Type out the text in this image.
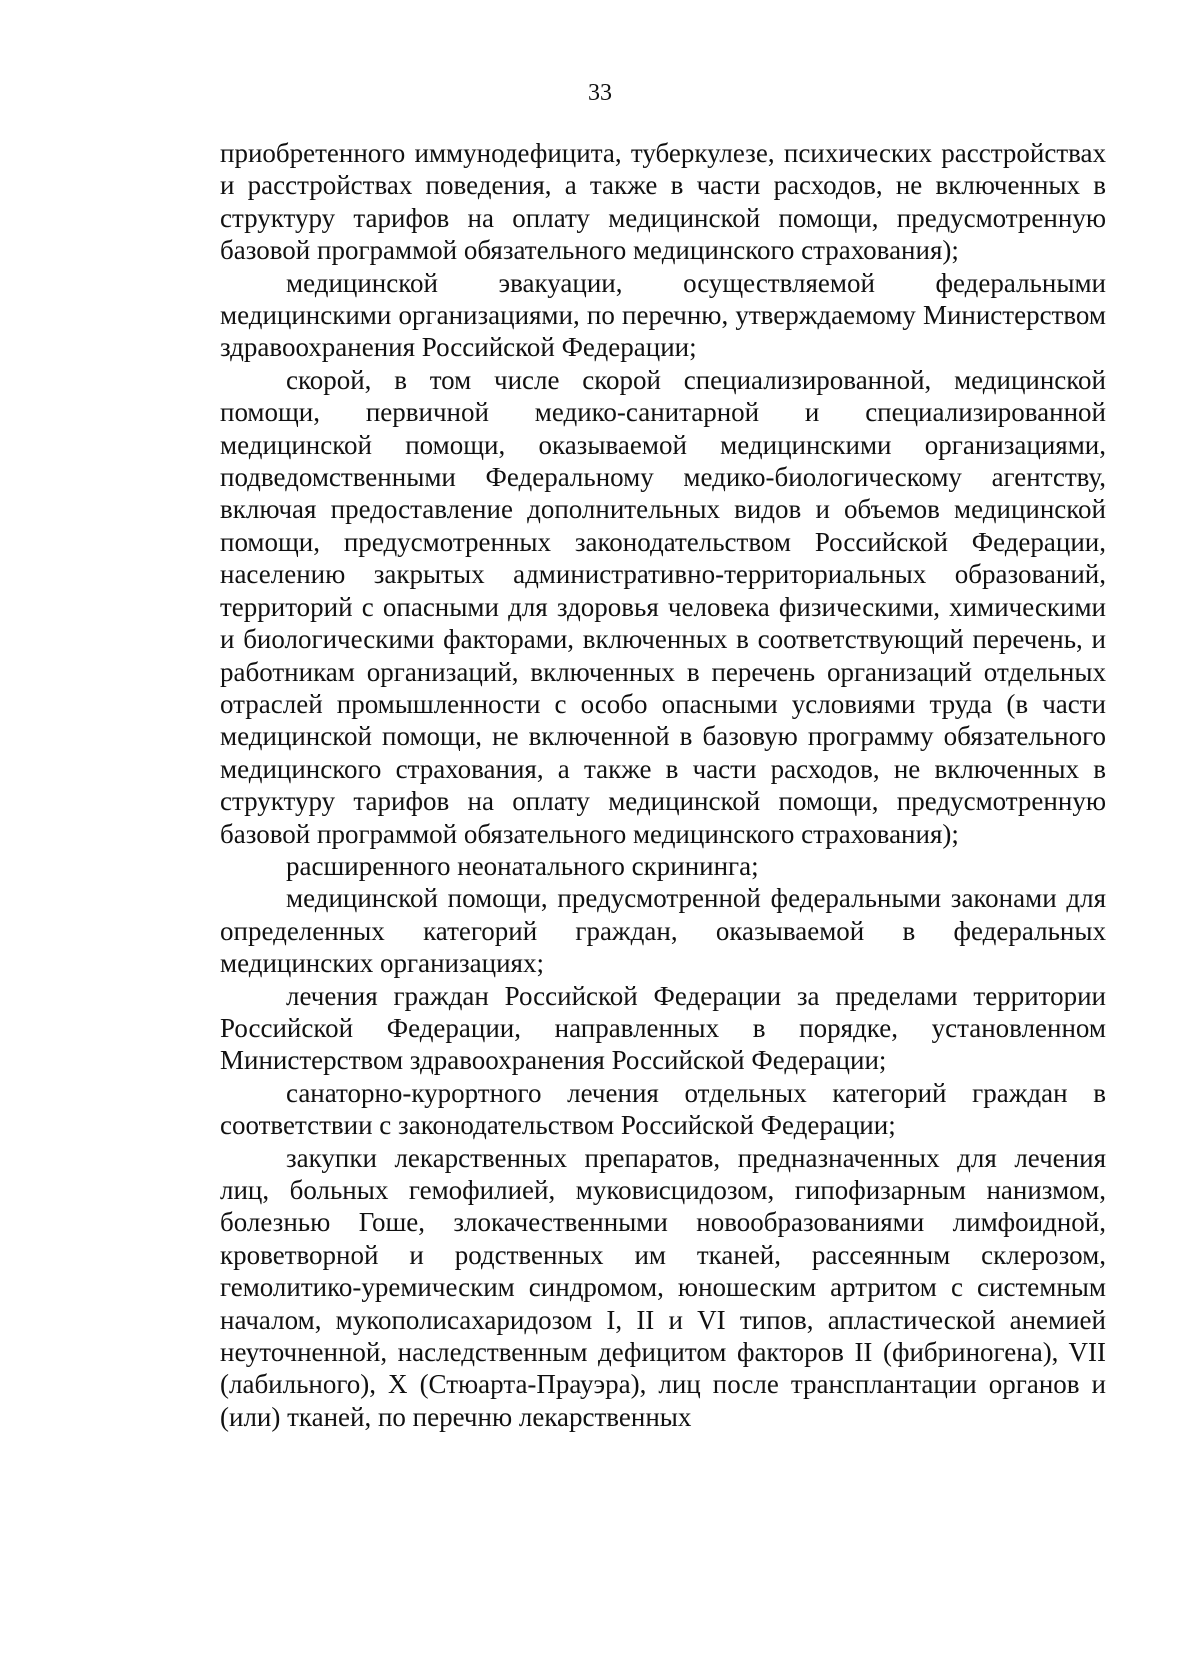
33

приобретенного иммунодефицита, туберкулезе, психических расстройствах и расстройствах поведения, а также в части расходов, не включенных в структуру тарифов на оплату медицинской помощи, предусмотренную базовой программой обязательного медицинского страхования);

медицинской эвакуации, осуществляемой федеральными медицинскими организациями, по перечню, утверждаемому Министерством здравоохранения Российской Федерации;

скорой, в том числе скорой специализированной, медицинской помощи, первичной медико-санитарной и специализированной медицинской помощи, оказываемой медицинскими организациями, подведомственными Федеральному медико-биологическому агентству, включая предоставление дополнительных видов и объемов медицинской помощи, предусмотренных законодательством Российской Федерации, населению закрытых административно-территориальных образований, территорий с опасными для здоровья человека физическими, химическими и биологическими факторами, включенных в соответствующий перечень, и работникам организаций, включенных в перечень организаций отдельных отраслей промышленности с особо опасными условиями труда (в части медицинской помощи, не включенной в базовую программу обязательного медицинского страхования, а также в части расходов, не включенных в структуру тарифов на оплату медицинской помощи, предусмотренную базовой программой обязательного медицинского страхования);

расширенного неонатального скрининга;

медицинской помощи, предусмотренной федеральными законами для определенных категорий граждан, оказываемой в федеральных медицинских организациях;

лечения граждан Российской Федерации за пределами территории Российской Федерации, направленных в порядке, установленном Министерством здравоохранения Российской Федерации;

санаторно-курортного лечения отдельных категорий граждан в соответствии с законодательством Российской Федерации;

закупки лекарственных препаратов, предназначенных для лечения лиц, больных гемофилией, муковисцидозом, гипофизарным нанизмом, болезнью Гоше, злокачественными новообразованиями лимфоидной, кроветворной и родственных им тканей, рассеянным склерозом, гемолитико-уремическим синдромом, юношеским артритом с системным началом, мукополисахаридозом I, II и VI типов, апластической анемией неуточненной, наследственным дефицитом факторов II (фибриногена), VII (лабильного), X (Стюарта-Прауэра), лиц после трансплантации органов и (или) тканей, по перечню лекарственных
